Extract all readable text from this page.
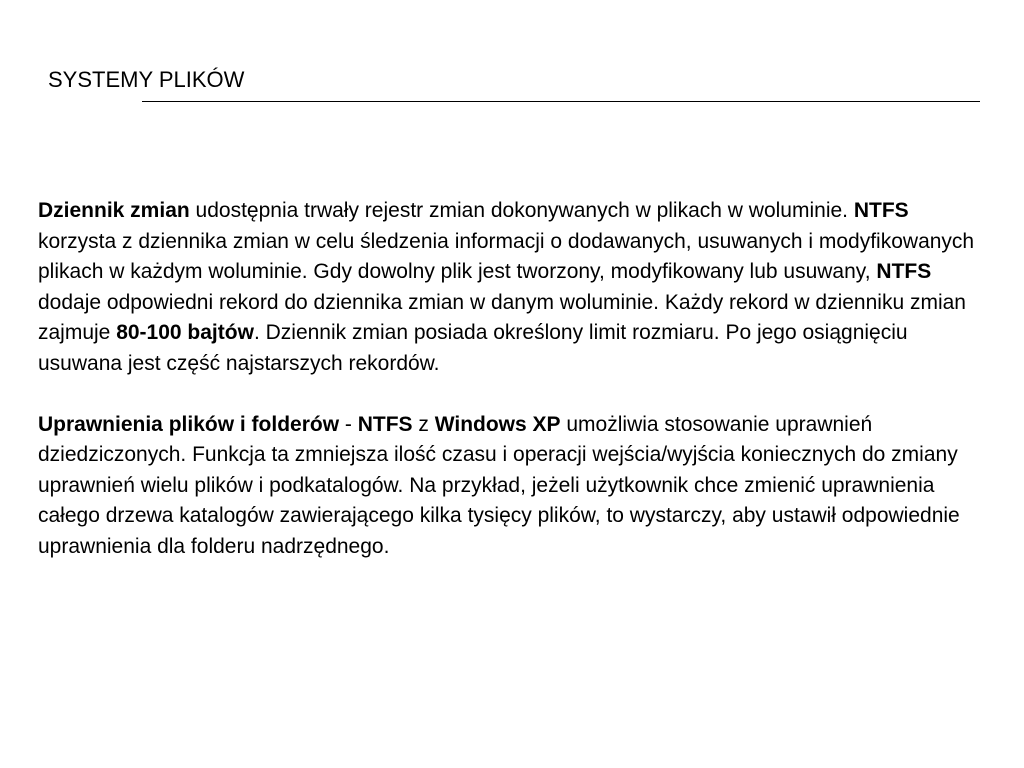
SYSTEMY PLIKÓW

Dziennik zmian udostępnia trwały rejestr zmian dokonywanych w plikach w woluminie. NTFS korzysta z dziennika zmian w celu śledzenia informacji o dodawanych, usuwanych i modyfikowanych plikach w każdym woluminie. Gdy dowolny plik jest tworzony, modyfikowany lub usuwany, NTFS dodaje odpowiedni rekord do dziennika zmian w danym woluminie. Każdy rekord w dzienniku zmian zajmuje 80-100 bajtów. Dziennik zmian posiada określony limit rozmiaru. Po jego osiągnięciu usuwana jest część najstarszych rekordów.

Uprawnienia plików i folderów - NTFS z Windows XP umożliwia stosowanie uprawnień dziedziczonych. Funkcja ta zmniejsza ilość czasu i operacji wejścia/wyjścia koniecznych do zmiany uprawnień wielu plików i podkatalogów. Na przykład, jeżeli użytkownik chce zmienić uprawnienia całego drzewa katalogów zawierającego kilka tysięcy plików, to wystarczy, aby ustawił odpowiednie uprawnienia dla folderu nadrzędnego.
